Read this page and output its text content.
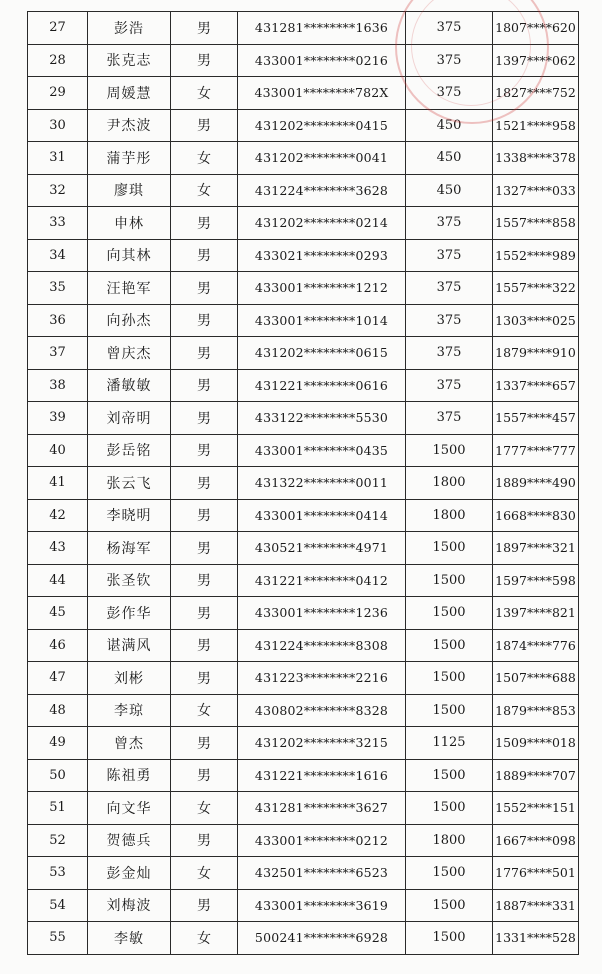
27	彭浩	男	431281********1636	375	1807****620
28	张克志	男	433001********0216	375	1397****062
29	周媛慧	女	433001********782X	375	1827****752
30	尹杰波	男	431202********0415	450	1521****958
31	蒲芋彤	女	431202********0041	450	1338****378
32	廖琪	女	431224********3628	450	1327****033
33	申林	男	431202********0214	375	1557****858
34	向其林	男	433021********0293	375	1552****989
35	汪艳军	男	433001********1212	375	1557****322
36	向孙杰	男	433001********1014	375	1303****025
37	曾庆杰	男	431202********0615	375	1879****910
38	潘敏敏	男	431221********0616	375	1337****657
39	刘帝明	男	433122********5530	375	1557****457
40	彭岳铭	男	433001********0435	1500	1777****777
41	张云飞	男	431322********0011	1800	1889****490
42	李晓明	男	433001********0414	1800	1668****830
43	杨海军	男	430521********4971	1500	1897****321
44	张圣钦	男	431221********0412	1500	1597****598
45	彭作华	男	433001********1236	1500	1397****821
46	谌满风	男	431224********8308	1500	1874****776
47	刘彬	男	431223********2216	1500	1507****688
48	李琼	女	430802********8328	1500	1879****853
49	曾杰	男	431202********3215	1125	1509****018
50	陈祖勇	男	431221********1616	1500	1889****707
51	向文华	女	431281********3627	1500	1552****151
52	贺德兵	男	433001********0212	1800	1667****098
53	彭金灿	女	432501********6523	1500	1776****501
54	刘梅波	男	433001********3619	1500	1887****331
55	李敏	女	500241********6928	1500	1331****528
